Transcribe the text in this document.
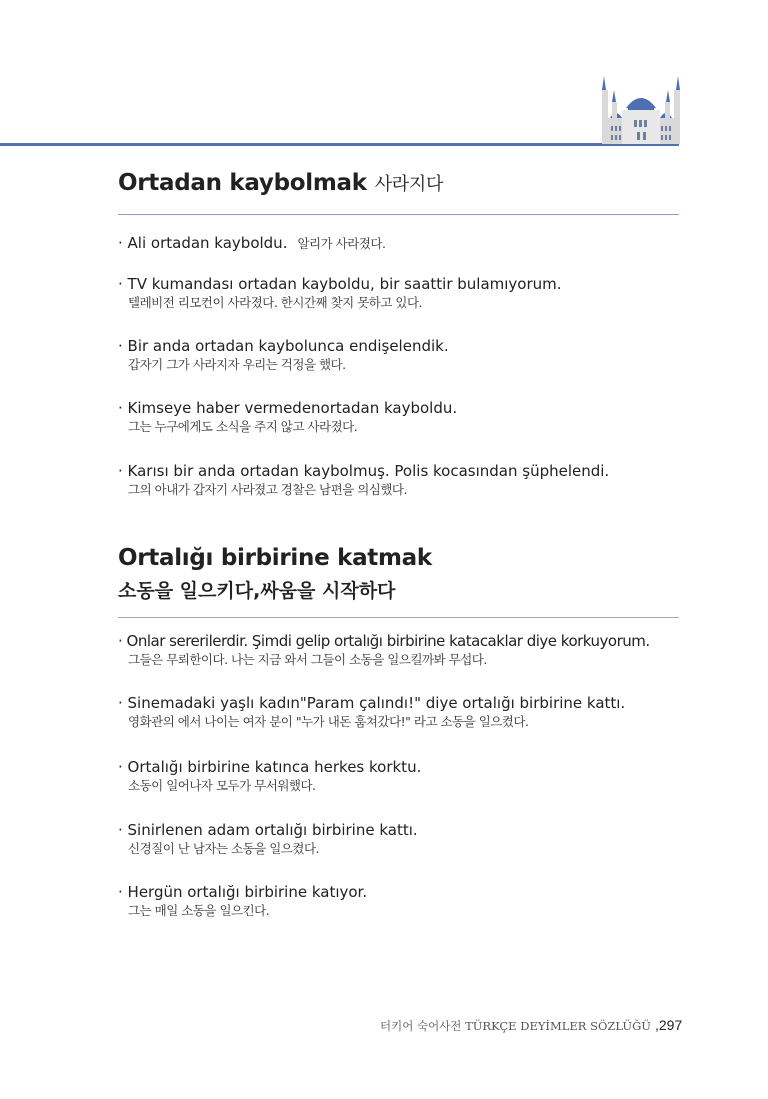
Ortadan kaybolmak 사라지다
· Ali ortadan kayboldu. 알리가 사라졌다.
· TV kumandası ortadan kayboldu, bir saattir bulamıyorum.
텔레비전 리모컨이 사라졌다. 한시간째 찾지 못하고 있다.
· Bir anda ortadan kaybolunca endişelendik.
갑자기 그가 사라지자 우리는 걱정을 했다.
· Kimseye haber vermedenortadan kayboldu.
그는 누구에게도 소식을 주지 않고 사라졌다.
· Karısı bir anda ortadan kaybolmuş. Polis kocasından şüphelendi.
그의 아내가 갑자기 사라졌고 경찰은 남편을 의심했다.
Ortalığı birbirine katmak
소동을 일으키다,싸움을 시작하다
· Onlar sererilerdir. Şimdi gelip ortalığı birbirine katacaklar diye korkuyorum.
그들은 무뢰한이다. 나는 지금 와서 그들이 소동을 일으킬까봐 무섭다.
· Sinemadaki yaşlı kadın"Param çalındı!" diye ortalığı birbirine kattı.
영화관의 에서 나이는 여자 분이 "누가 내돈 훔쳐갔다!" 라고 소동을 일으켰다.
· Ortalığı birbirine katınca herkes korktu.
소동이 일어나자 모두가 무서워했다.
· Sinirlenen adam ortalığı birbirine kattı.
신경질이 난 남자는 소동을 일으켰다.
· Hergün ortalığı birbirine katıyor.
그는 매일 소동을 일으킨다.
터키어 숙어사전 TÜRKÇE DEYİMLER SÖZLÜĞÜ ,297
